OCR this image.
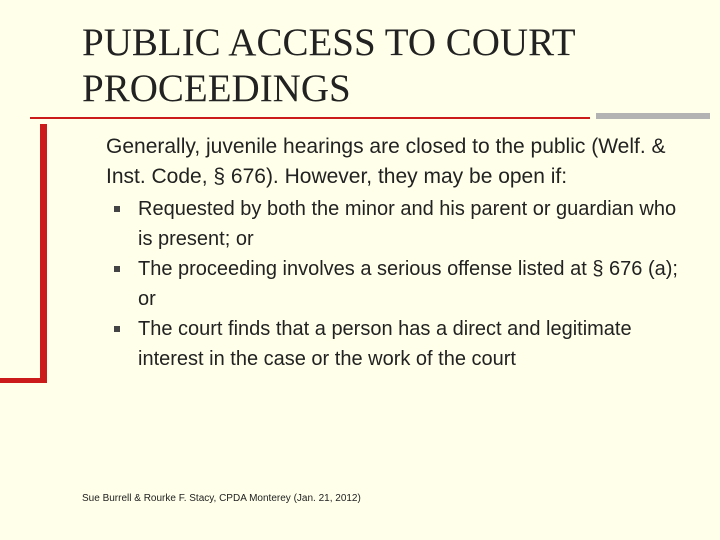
PUBLIC ACCESS TO COURT
PROCEEDINGS

Generally, juvenile hearings are closed to the public (Welf. & Inst. Code, § 676). However, they may be open if:

Requested by both the minor and his parent or guardian who is present; or
The proceeding involves a serious offense listed at § 676 (a); or
The court finds that a person has a direct and legitimate interest in the case or the work of the court
Sue Burrell & Rourke F. Stacy, CPDA Monterey (Jan. 21, 2012)
